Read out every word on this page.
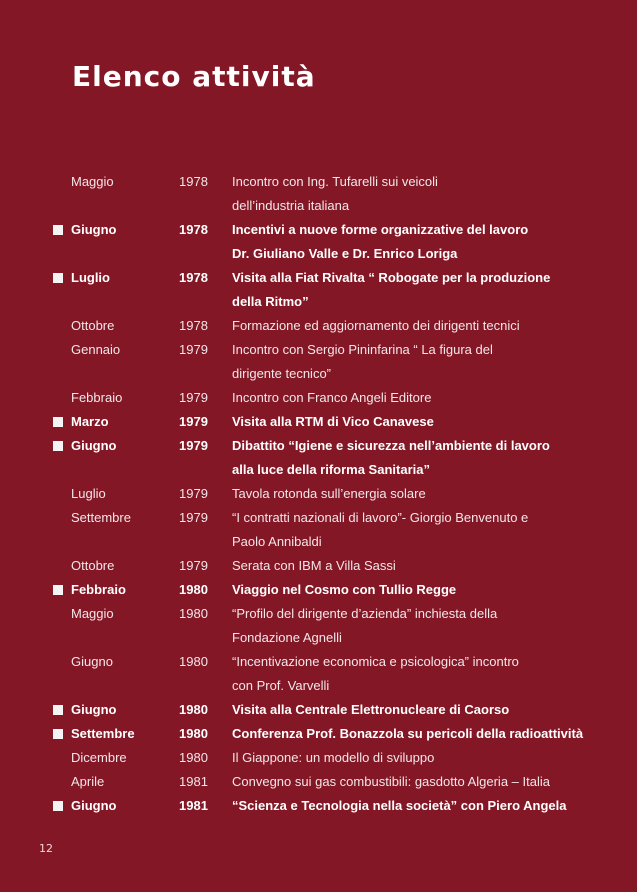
Elenco attività
Maggio	1978 Incontro con Ing. Tufarelli sui veicoli
dell’industria italiana
Giugno	1978 Incentivi a nuove forme organizzative del lavoro
Dr. Giuliano Valle e Dr. Enrico Loriga
Luglio	1978 Visita alla Fiat Rivalta “ Robogate per la produzione
della Ritmo”
Ottobre	1978 Formazione ed aggiornamento dei dirigenti tecnici
Gennaio	1979 Incontro con Sergio Pininfarina “ La figura del
dirigente tecnico”
Febbraio	1979 Incontro con Franco Angeli Editore
Marzo	1979 Visita alla RTM di Vico Canavese
Giugno	1979 Dibattito “Igiene e sicurezza nell’ambiente di lavoro
alla luce della riforma Sanitaria”
Luglio	1979 Tavola rotonda sull’energia solare
Settembre	1979 “I contratti nazionali di lavoro”- Giorgio Benvenuto e
Paolo Annibaldi
Ottobre	1979 Serata con IBM a Villa Sassi
Febbraio	1980 Viaggio nel Cosmo con Tullio Regge
Maggio	1980 “Profilo del dirigente d’azienda” inchiesta della
Fondazione Agnelli
Giugno	1980 “Incentivazione economica e psicologica” incontro
con Prof. Varvelli
Giugno	1980 Visita alla Centrale Elettronucleare di Caorso
Settembre	1980 Conferenza Prof. Bonazzola su pericoli della radioattività
Dicembre	1980 Il Giappone: un modello di sviluppo
Aprile	1981 Convegno sui gas combustibili: gasdotto Algeria – Italia
Giugno	1981 “Scienza e Tecnologia nella società” con Piero Angela
12
